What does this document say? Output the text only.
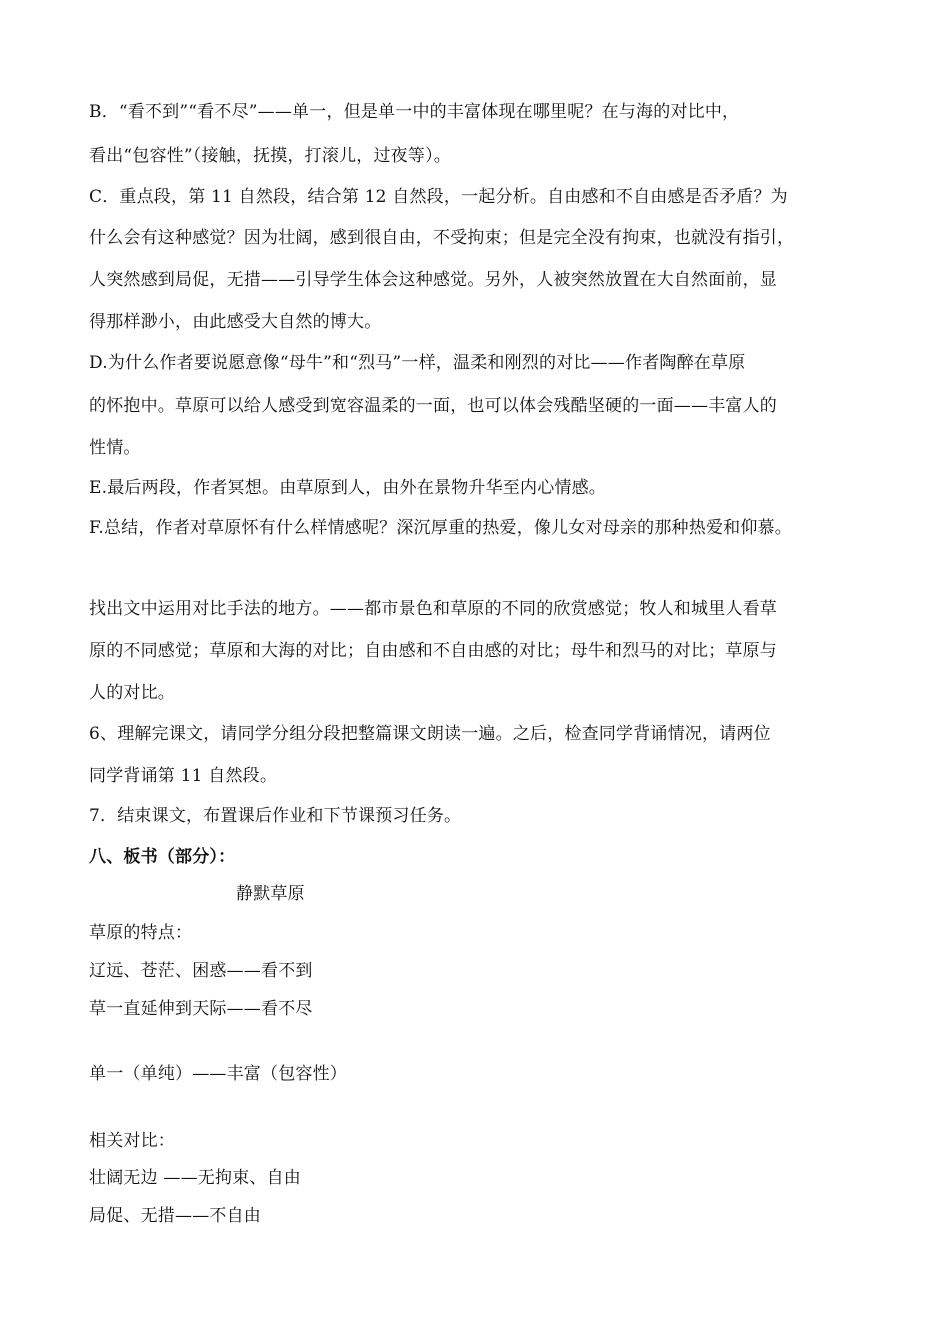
B．“看不到”“看不尽”——单一，但是单一中的丰富体现在哪里呢？在与海的对比中，
看出“包容性”（接触，抚摸，打滚儿，过夜等）。
C．重点段，第 11 自然段，结合第 12 自然段，一起分析。自由感和不自由感是否矛盾？为
什么会有这种感觉？因为壮阔，感到很自由，不受拘束；但是完全没有拘束，也就没有指引，
人突然感到局促，无措——引导学生体会这种感觉。另外，人被突然放置在大自然面前，显
得那样渺小，由此感受大自然的博大。
D.为什么作者要说愿意像“母牛”和“烈马”一样，温柔和刚烈的对比——作者陶醉在草原
的怀抱中。草原可以给人感受到宽容温柔的一面，也可以体会残酷坚硬的一面——丰富人的
性情。
E.最后两段，作者冥想。由草原到人，由外在景物升华至内心情感。
F.总结，作者对草原怀有什么样情感呢？深沉厚重的热爱，像儿女对母亲的那种热爱和仰慕。
找出文中运用对比手法的地方。——都市景色和草原的不同的欣赏感觉；牧人和城里人看草
原的不同感觉；草原和大海的对比；自由感和不自由感的对比；母牛和烈马的对比；草原与
人的对比。
6、理解完课文，请同学分组分段把整篇课文朗读一遍。之后，检查同学背诵情况，请两位
同学背诵第 11 自然段。
7．结束课文，布置课后作业和下节课预习任务。
八、板书（部分）：
静默草原
草原的特点：
辽远、苍茫、困惑——看不到
草一直延伸到天际——看不尽
单一（单纯）——丰富（包容性）
相关对比：
壮阔无边 ——无拘束、自由
局促、无措——不自由
